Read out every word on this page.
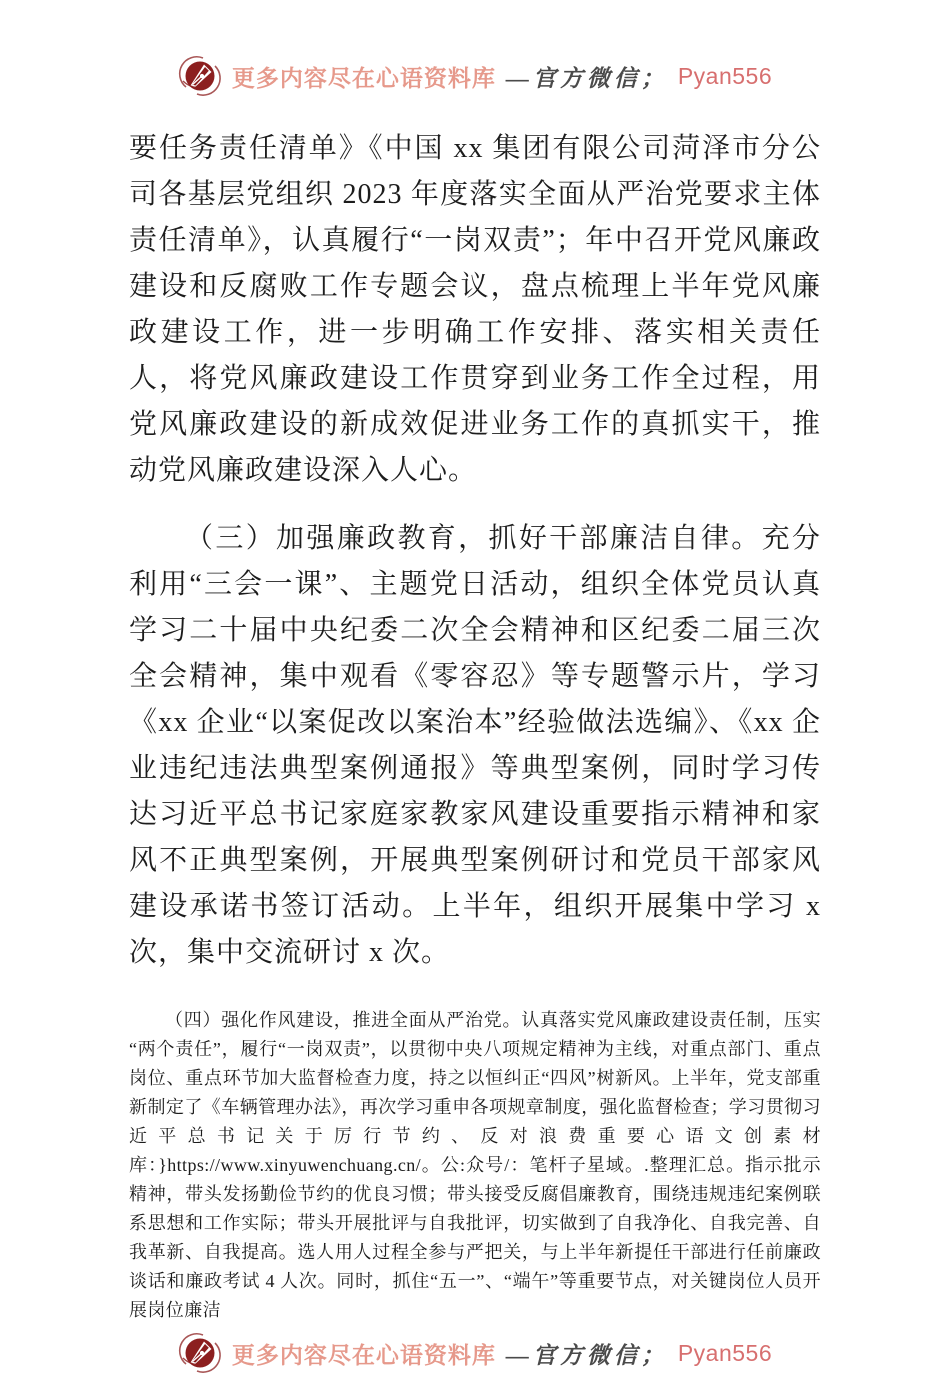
更多内容尽在心语资料库 —官方微信； Pyan556

要任务责任清单》《中国 xx 集团有限公司菏泽市分公司各基层党组织 2023 年度落实全面从严治党要求主体责任清单》，认真履行“一岗双责”；年中召开党风廉政建设和反腐败工作专题会议，盘点梳理上半年党风廉政建设工作，进一步明确工作安排、落实相关责任人，将党风廉政建设工作贯穿到业务工作全过程，用党风廉政建设的新成效促进业务工作的真抓实干，推动党风廉政建设深入人心。

（三）加强廉政教育，抓好干部廉洁自律。充分利用“三会一课”、主题党日活动，组织全体党员认真学习二十届中央纪委二次全会精神和区纪委二届三次全会精神，集中观看《零容忍》等专题警示片，学习《xx 企业“以案促改以案治本”经验做法选编》、《xx 企业违纪违法典型案例通报》等典型案例，同时学习传达习近平总书记家庭家教家风建设重要指示精神和家风不正典型案例，开展典型案例研讨和党员干部家风建设承诺书签订活动。上半年，组织开展集中学习 x 次，集中交流研讨 x 次。

（四）强化作风建设，推进全面从严治党。认真落实党风廉政建设责任制，压实“两个责任”，履行“一岗双责”，以贯彻中央八项规定精神为主线，对重点部门、重点岗位、重点环节加大监督检查力度，持之以恒纠正“四风”树新风。上半年，党支部重新制定了《车辆管理办法》，再次学习重申各项规章制度，强化监督检查；学习贯彻习近平总书记关于厉行节约、反对浪费重要心语文创素材库：}https://www.xinyuwenchuang.cn/。公:众号/：笔杆子星域。.整理汇总。指示批示精神，带头发扬勤俭节约的优良习惯；带头接受反腐倡廉教育，围绕违规违纪案例联系思想和工作实际；带头开展批评与自我批评，切实做到了自我净化、自我完善、自我革新、自我提高。选人用人过程全参与严把关，与上半年新提任干部进行任前廉政谈话和廉政考试 4 人次。同时，抓住“五一”、“端午”等重要节点，对关键岗位人员开展岗位廉洁

更多内容尽在心语资料库 —官方微信； Pyan556
